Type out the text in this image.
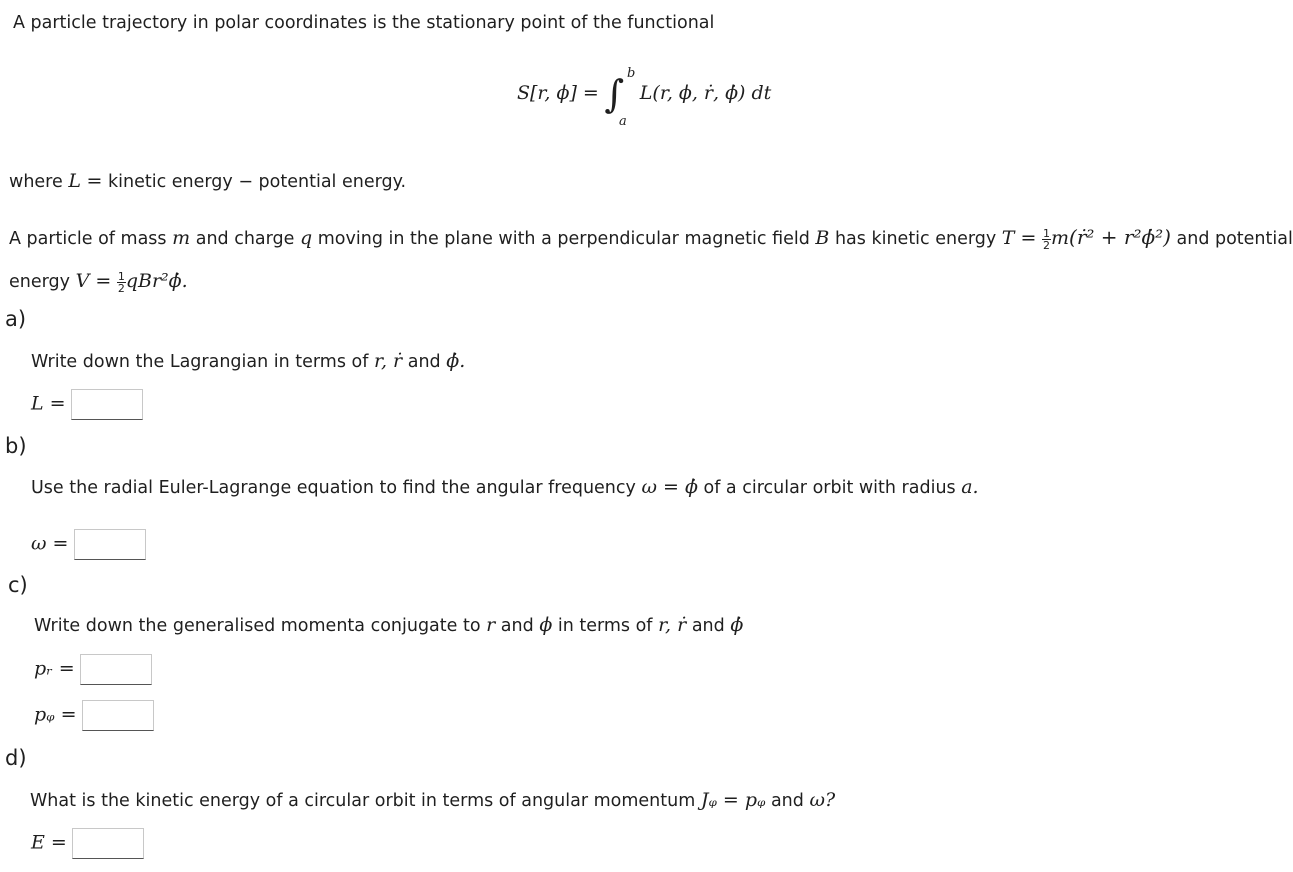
A particle trajectory in polar coordinates is the stationary point of the functional
S[r, ϕ] = ∫ b
a
L(r, ϕ, ṙ, ϕ̇) dt
where L = kinetic energy − potential energy.
A particle of mass m and charge q moving in the plane with a perpendicular magnetic field B has kinetic energy $T = \frac{1}{2}$ m(ṙ² + r²ϕ̇²) and potential
energy $V = \frac{1}{2}$ qBr²ϕ̇.
a)
Write down the Lagrangian in terms of r, ṙ and ϕ̇.
L =
b)
Use the radial Euler-Lagrange equation to find the angular frequency ω = ϕ̇ of a circular orbit with radius a.
ω =
c)
Write down the generalised momenta conjugate to r and ϕ in terms of r, ṙ and ϕ̇
pᵣ =
pᵩ =
d)
What is the kinetic energy of a circular orbit in terms of angular momentum Jᵩ = pᵩ and ω?
E =
